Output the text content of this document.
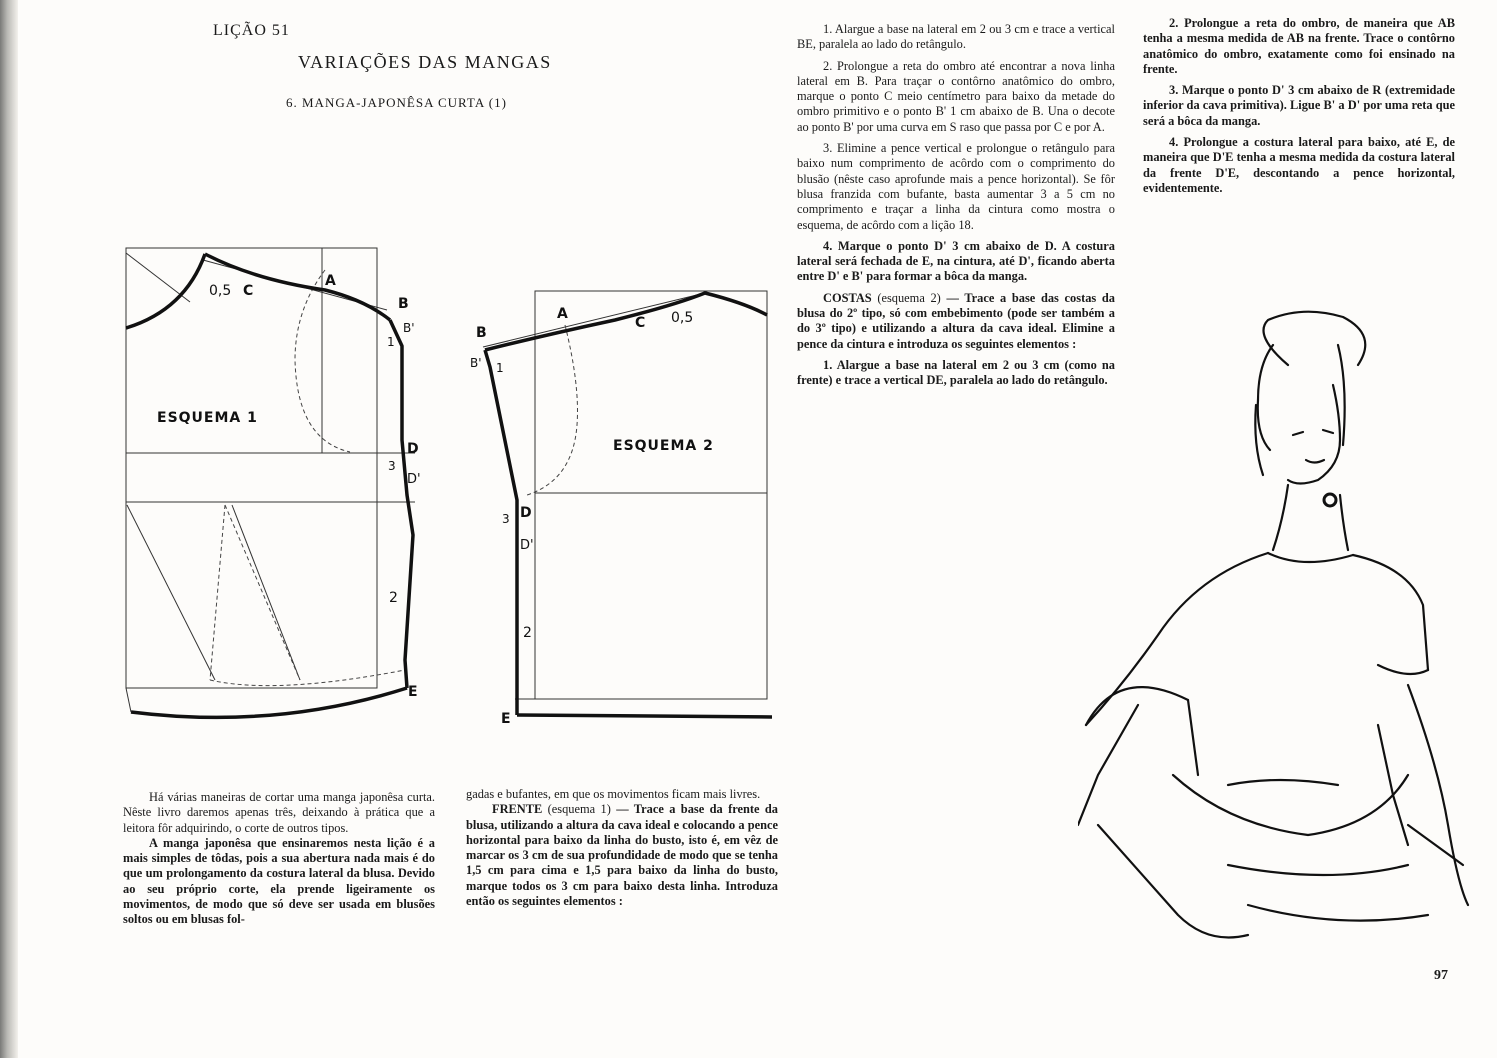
LIÇÃO 51
VARIAÇÕES DAS MANGAS
6. MANGA-JAPONÊSA CURTA (1)
0,5 C
A
B
B'
1
D
3
D'
2
E
ESQUEMA 1
B
B' 1
A
C 0,5
3 D
D'
2
E
ESQUEMA 2

1. Alargue a base na lateral em 2 ou 3 cm e trace a vertical BE, paralela ao lado do retângulo.

2. Prolongue a reta do ombro até encontrar a nova linha lateral em B. Para traçar o contôrno anatômico do ombro, marque o ponto C meio centímetro para baixo da metade do ombro primitivo e o ponto B' 1 cm abaixo de B. Una o decote ao ponto B' por uma curva em S raso que passa por C e por A.

3. Elimine a pence vertical e prolongue o retângulo para baixo num comprimento de acôrdo com o comprimento do blusão (nêste caso aprofunde mais a pence horizontal). Se fôr blusa franzida com bufante, basta aumentar 3 a 5 cm no comprimento e traçar a linha da cintura como mostra o esquema, de acôrdo com a lição 18.

4. Marque o ponto D' 3 cm abaixo de D. A costura lateral será fechada de E, na cintura, até D', ficando aberta entre D' e B' para formar a bôca da manga.

COSTAS (esquema 2) — Trace a base das costas da blusa do 2º tipo, só com embebimento (pode ser também a do 3º tipo) e utilizando a altura da cava ideal. Elimine a pence da cintura e introduza os seguintes elementos :

1. Alargue a base na lateral em 2 ou 3 cm (como na frente) e trace a vertical DE, paralela ao lado do retângulo.

2. Prolongue a reta do ombro, de maneira que AB tenha a mesma medida de AB na frente. Trace o contôrno anatômico do ombro, exatamente como foi ensinado na frente.

3. Marque o ponto D' 3 cm abaixo de R (extremidade inferior da cava primitiva). Ligue B' a D' por uma reta que será a bôca da manga.

4. Prolongue a costura lateral para baixo, até E, de maneira que D'E tenha a mesma medida da costura lateral da frente D'E, descontando a pence horizontal, evidentemente.

Há várias maneiras de cortar uma manga japonêsa curta. Nêste livro daremos apenas três, deixando à prática que a leitora fôr adquirindo, o corte de outros tipos.

A manga japonêsa que ensinaremos nesta lição é a mais simples de tôdas, pois a sua abertura nada mais é do que um prolongamento da costura lateral da blusa. Devido ao seu próprio corte, ela prende ligeiramente os movimentos, de modo que só deve ser usada em blusões soltos ou em blusas fol-

gadas e bufantes, em que os movimentos ficam mais livres.

FRENTE (esquema 1) — Trace a base da frente da blusa, utilizando a altura da cava ideal e colocando a pence horizontal para baixo da linha do busto, isto é, em vêz de marcar os 3 cm de sua profundidade de modo que se tenha 1,5 cm para cima e 1,5 para baixo da linha do busto, marque todos os 3 cm para baixo desta linha. Introduza então os seguintes elementos :

97
